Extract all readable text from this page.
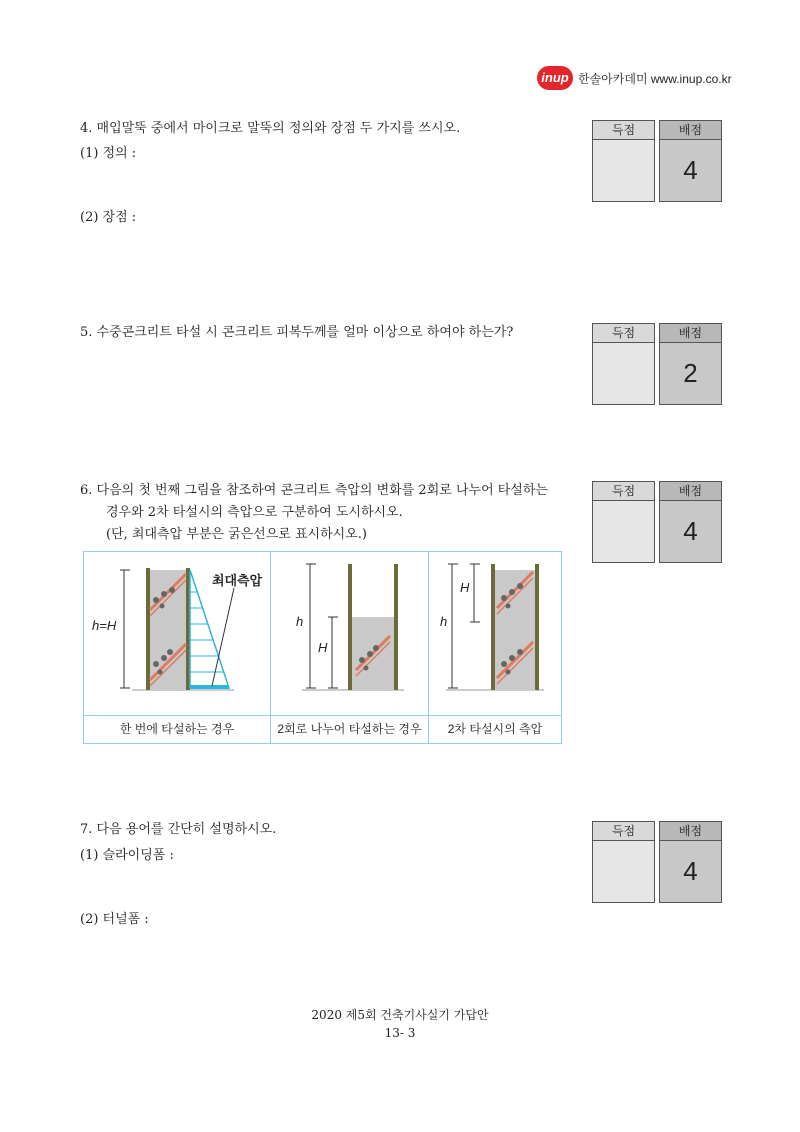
inup 한솔아카데미 www.inup.co.kr
4. 매입말뚝 중에서 마이크로 말뚝의 정의와 장점 두 가지를 쓰시오.
(1) 정의 :
(2) 장점 :
득점	배점
4
5. 수중콘크리트 타설 시 콘크리트 피복두께를 얼마 이상으로 하여야 하는가?	득점	배점
2
6. 다음의 첫 번째 그림을 참조하여 콘크리트 측압의 변화를 2회로 나누어 타설하는
경우와 2차 타설시의 측압으로 구분하여 도시하시오.
(단, 최대측압 부분은 굵은선으로 표시하시오.)
득점	배점
4
h=H
최대측압
h
H
H
h
한 번에 타설하는 경우	2회로 나누어 타설하는 경우	2차 타설시의 측압
7. 다음 용어를 간단히 설명하시오.
(1) 슬라이딩폼 :
(2) 터널폼 :
득점	배점
4
2020 제5회 건축기사실기 가답안
13- 3
